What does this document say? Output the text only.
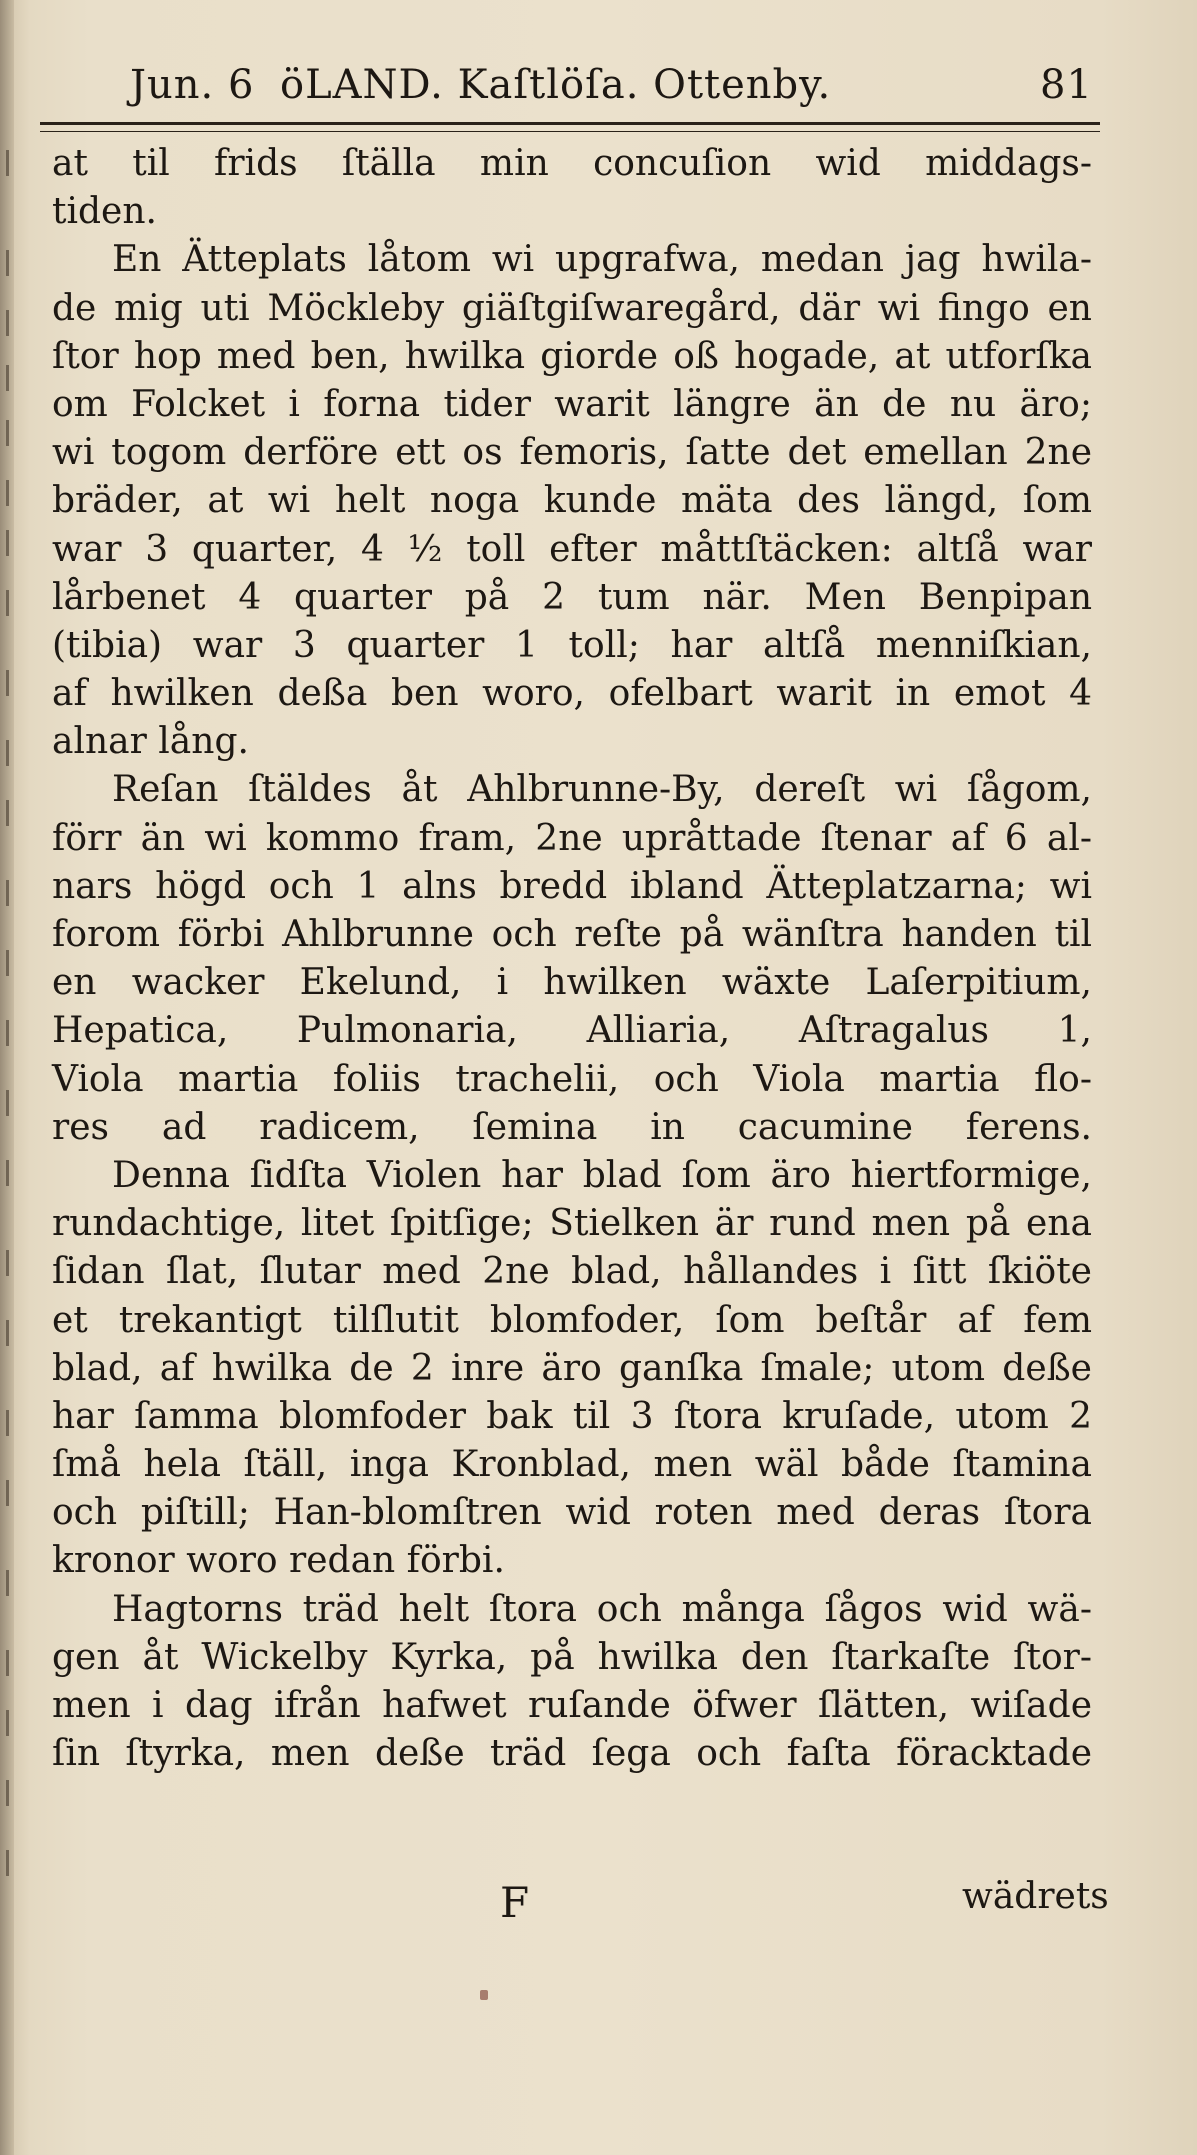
Jun. 6 öLAND. Kaſtlöſa. Ottenby.	81
at til frids ſtälla min concuſion wid middags-
tiden.
En Ätteplats låtom wi upgrafwa, medan jag hwila-
de mig uti Möckleby giäſtgiſwaregård, där wi fingo en
ſtor hop med ben, hwilka giorde oß hogade, at utforſka
om Folcket i forna tider warit längre än de nu äro;
wi togom derföre ett os femoris, ſatte det emellan 2ne
bräder, at wi helt noga kunde mäta des längd, ſom
war 3 quarter, 4 ½ toll efter måttſtäcken: altſå war
lårbenet 4 quarter på 2 tum när. Men Benpipan
(tibia) war 3 quarter 1 toll; har altſå menniſkian,
af hwilken deßa ben woro, ofelbart warit in emot 4
alnar lång.
Reſan ſtäldes åt Ahlbrunne-By, dereſt wi ſågom,
förr än wi kommo fram, 2ne upråttade ſtenar af 6 al-
nars högd och 1 alns bredd ibland Ätteplatzarna; wi
forom förbi Ahlbrunne och reſte på wänſtra handen til
en wacker Ekelund, i hwilken wäxte Laſerpitium,
Hepatica, Pulmonaria, Alliaria, Aſtragalus 1,
Viola martia foliis trachelii, och Viola martia flo-
res ad radicem, ſemina in cacumine ferens.
Denna ſidſta Violen har blad ſom äro hiertformige,
rundachtige, litet ſpitſige; Stielken är rund men på ena
ſidan ſlat, ſlutar med 2ne blad, hållandes i ſitt ſkiöte
et trekantigt tilſlutit blomfoder, ſom beſtår af fem
blad, af hwilka de 2 inre äro ganſka ſmale; utom deße
har ſamma blomfoder bak til 3 ſtora kruſade, utom 2
ſmå hela ſtäll, inga Kronblad, men wäl både ſtamina
och piſtill; Han-blomſtren wid roten med deras ſtora
kronor woro redan förbi.
Hagtorns träd helt ſtora och många ſågos wid wä-
gen åt Wickelby Kyrka, på hwilka den ſtarkaſte ſtor-
men i dag ifrån hafwet ruſande öfwer ſlätten, wiſade
ſin ſtyrka, men deße träd ſega och faſta föracktade
F	wädrets
